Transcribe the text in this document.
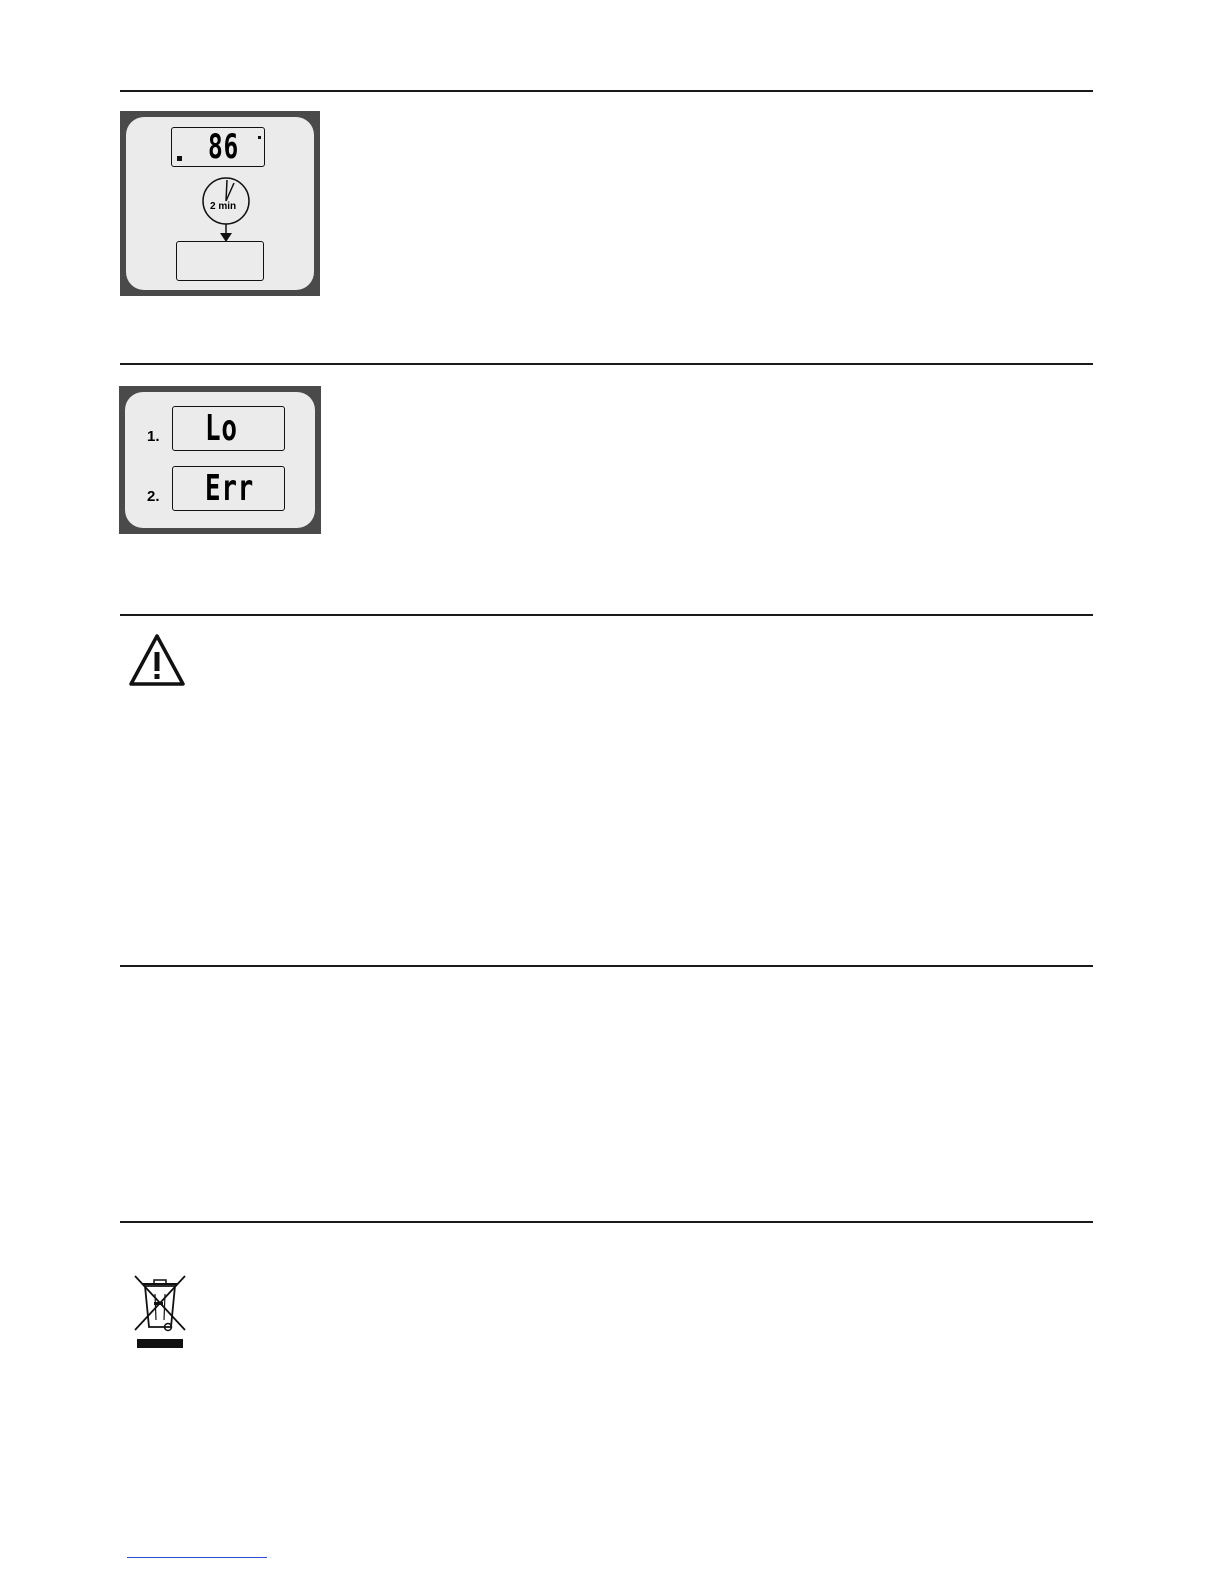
86
2 min
1. Lo
2. Err
